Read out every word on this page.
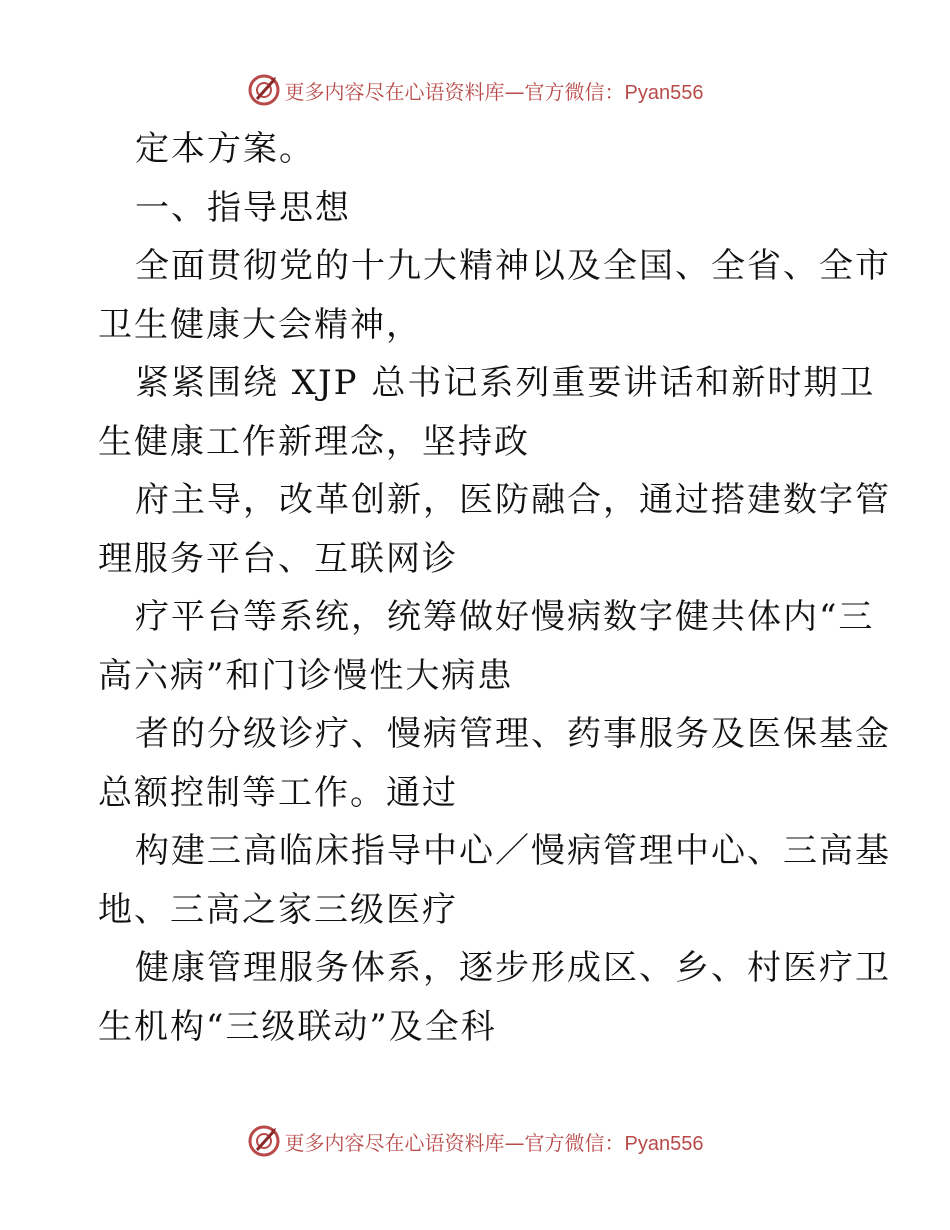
更多内容尽在心语资料库—官方微信：Pyan556
定本方案。
一、指导思想
全面贯彻党的十九大精神以及全国、全省、全市
卫生健康大会精神，
紧紧围绕 XJP 总书记系列重要讲话和新时期卫
生健康工作新理念，坚持政
府主导，改革创新，医防融合，通过搭建数字管
理服务平台、互联网诊
疗平台等系统，统筹做好慢病数字健共体内“三
高六病”和门诊慢性大病患
者的分级诊疗、慢病管理、药事服务及医保基金
总额控制等工作。通过
构建三高临床指导中心／慢病管理中心、三高基
地、三高之家三级医疗
健康管理服务体系，逐步形成区、乡、村医疗卫
生机构“三级联动”及全科
更多内容尽在心语资料库—官方微信：Pyan556
